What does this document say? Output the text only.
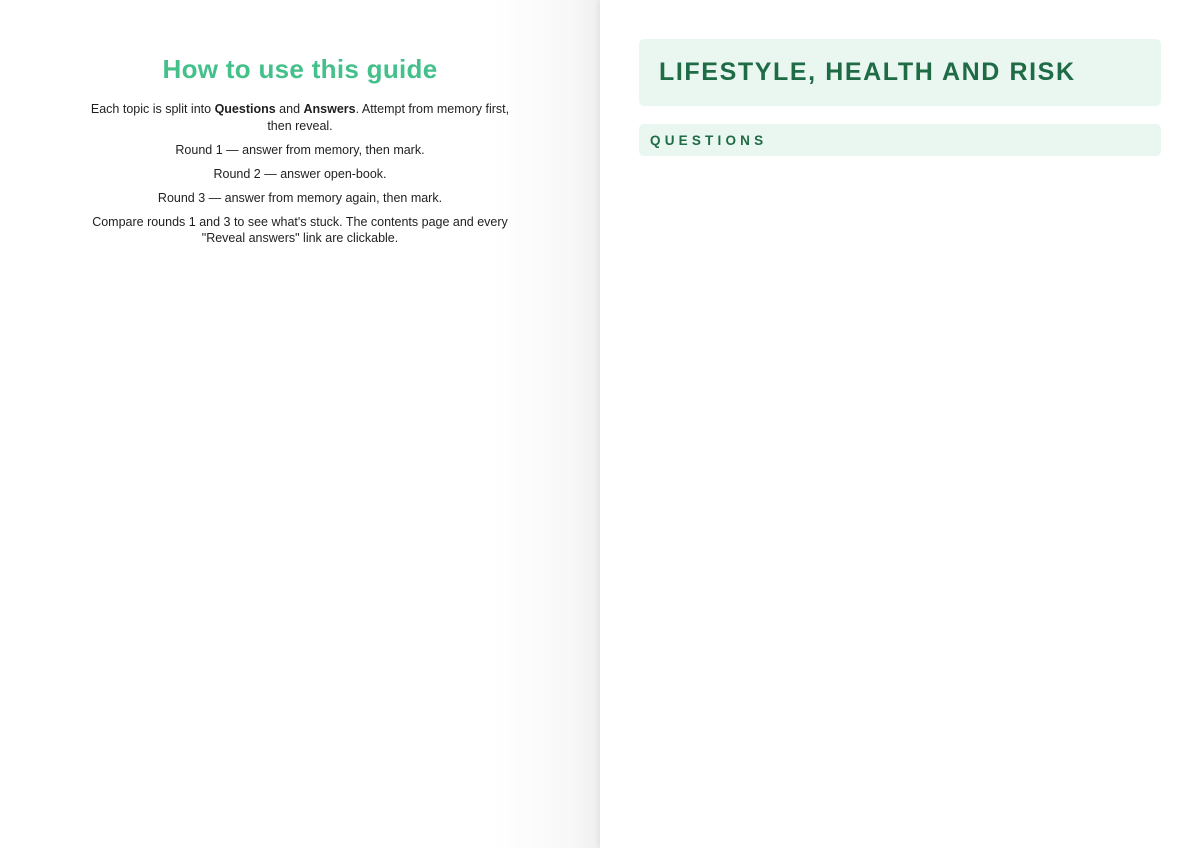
How to use this guide

Each topic is split into Questions and Answers. Attempt from memory first, then reveal.

Round 1 — answer from memory, then mark.

Round 2 — answer open-book.

Round 3 — answer from memory again, then mark.

Compare rounds 1 and 3 to see what's stuck. The contents page and every "Reveal answers" link are clickable.

LIFESTYLE, HEALTH AND RISK
QUESTIONS
